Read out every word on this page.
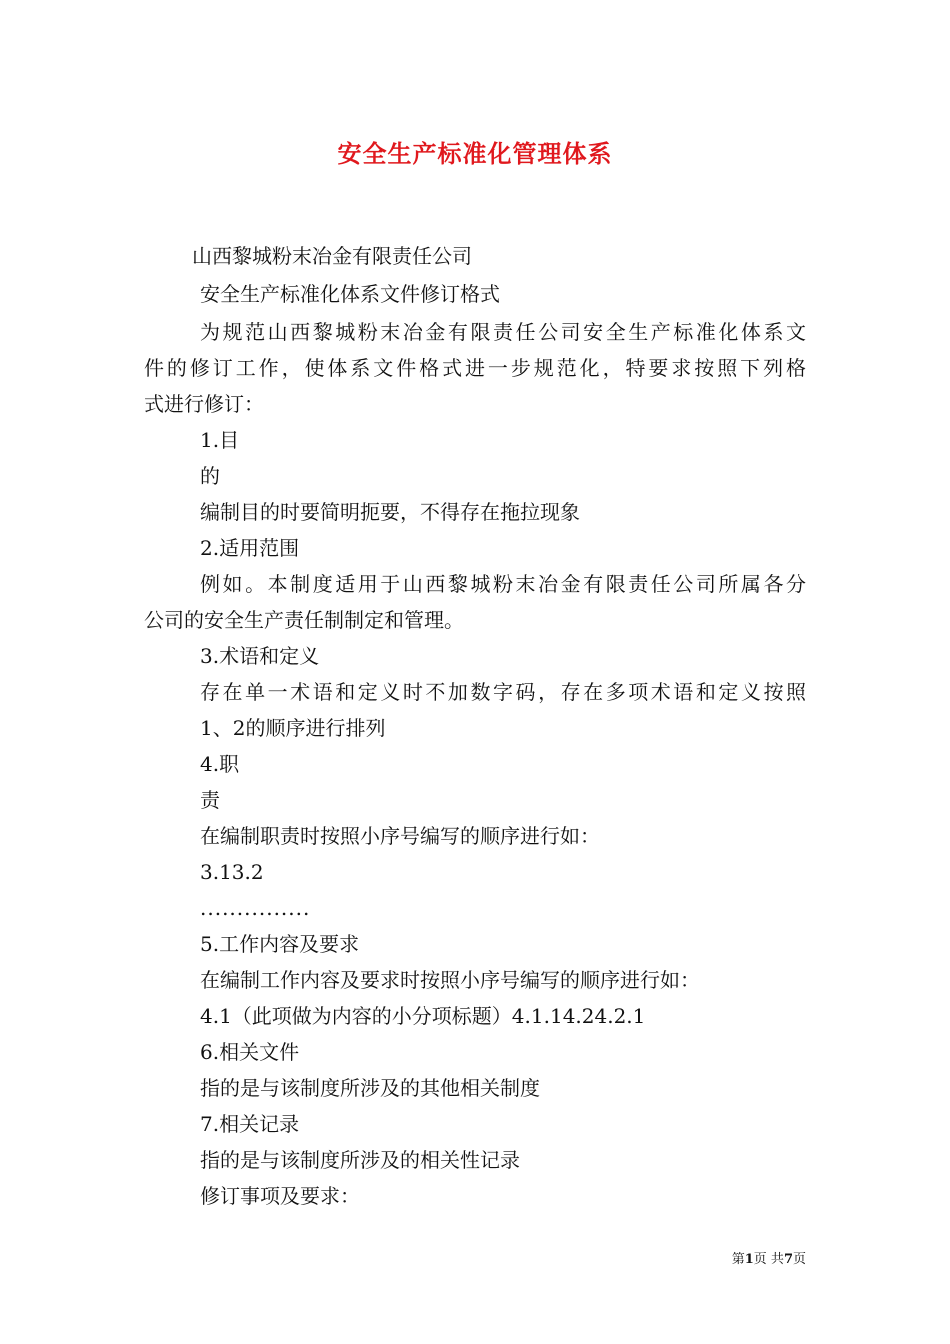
安全生产标准化管理体系
山西黎城粉末冶金有限责任公司
安全生产标准化体系文件修订格式
为规范山西黎城粉末冶金有限责任公司安全生产标准化体系文
件的修订工作，使体系文件格式进一步规范化，特要求按照下列格
式进行修订：
1.目
的
编制目的时要简明扼要，不得存在拖拉现象
2.适用范围
例如。本制度适用于山西黎城粉末冶金有限责任公司所属各分
公司的安全生产责任制制定和管理。
3.术语和定义
存在单一术语和定义时不加数字码，存在多项术语和定义按照
1、2的顺序进行排列
4.职
责
在编制职责时按照小序号编写的顺序进行如：
3.13.2
...............
5.工作内容及要求
在编制工作内容及要求时按照小序号编写的顺序进行如：
4.1（此项做为内容的小分项标题）4.1.14.24.2.1
6.相关文件
指的是与该制度所涉及的其他相关制度
7.相关记录
指的是与该制度所涉及的相关性记录
修订事项及要求：
第1页 共7页
